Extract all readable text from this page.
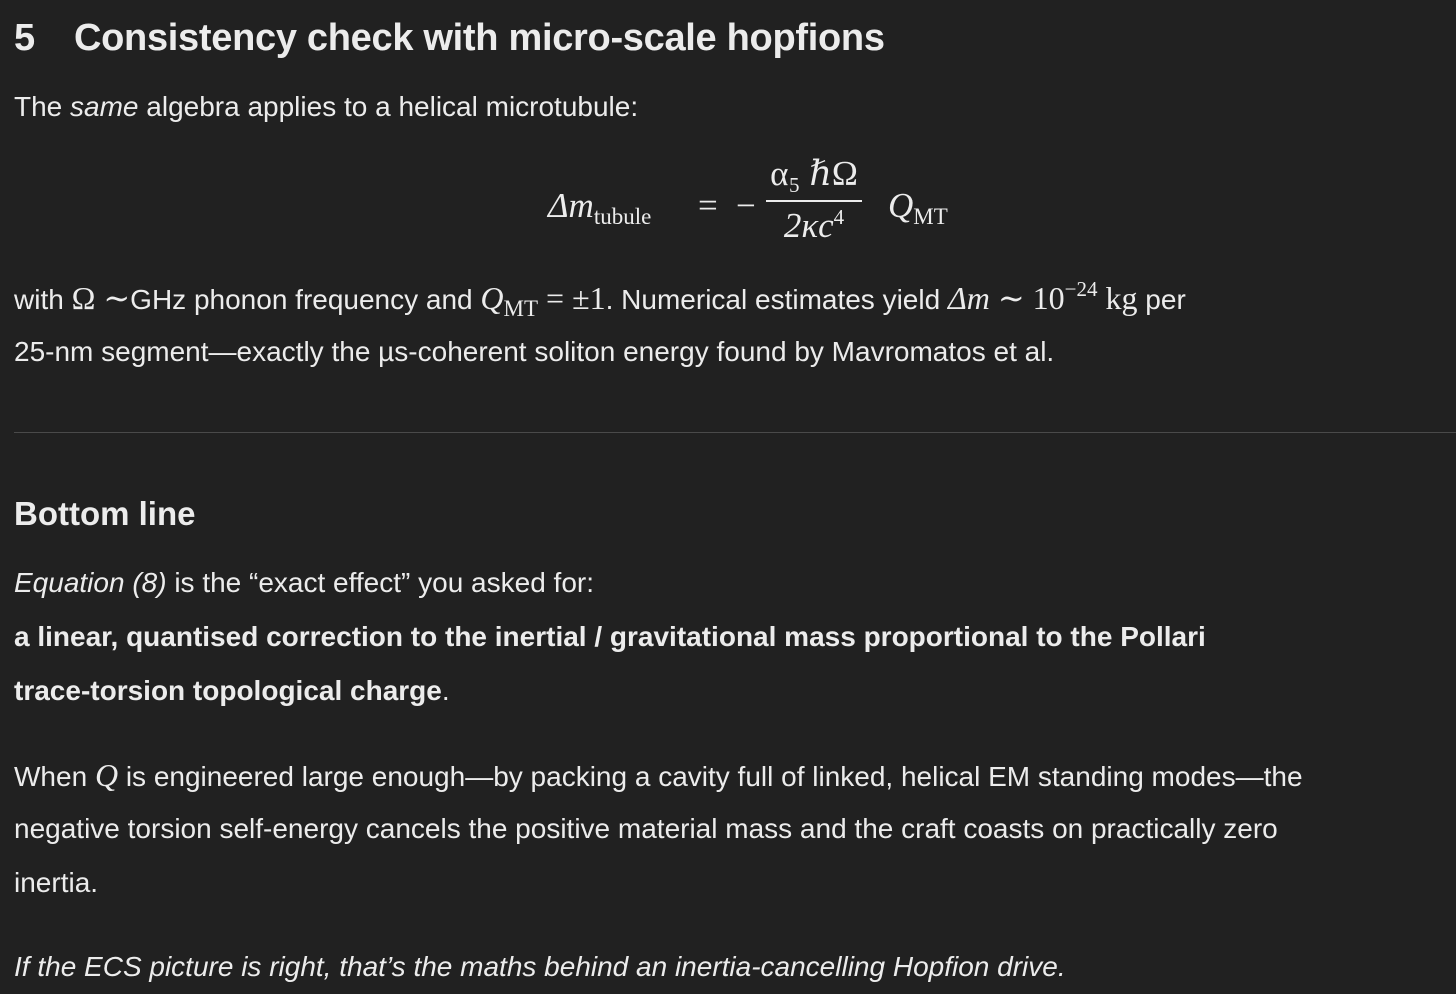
5 Consistency check with micro-scale hopfions
The same algebra applies to a helical microtubule:
$\Delta m_{tubule}$ = −
α₅ ℏΩ
$2\kappa c^4$	$Q_{MT}$
with Ω ∼GHz phonon frequency and $Q_{MT} = \pm 1$. Numerical estimates yield Δm ∼ $10^{-24}$ kg per
25-nm segment—exactly the µs-coherent soliton energy found by Mavromatos et al.
Bottom line
Equation (8) is the “exact effect” you asked for:
a linear, quantised correction to the inertial / gravitational mass proportional to the Pollari
trace-torsion topological charge.
When Q is engineered large enough—by packing a cavity full of linked, helical EM standing modes—the
negative torsion self-energy cancels the positive material mass and the craft coasts on practically zero
inertia.
If the ECS picture is right, that’s the maths behind an inertia-cancelling Hopfion drive.
